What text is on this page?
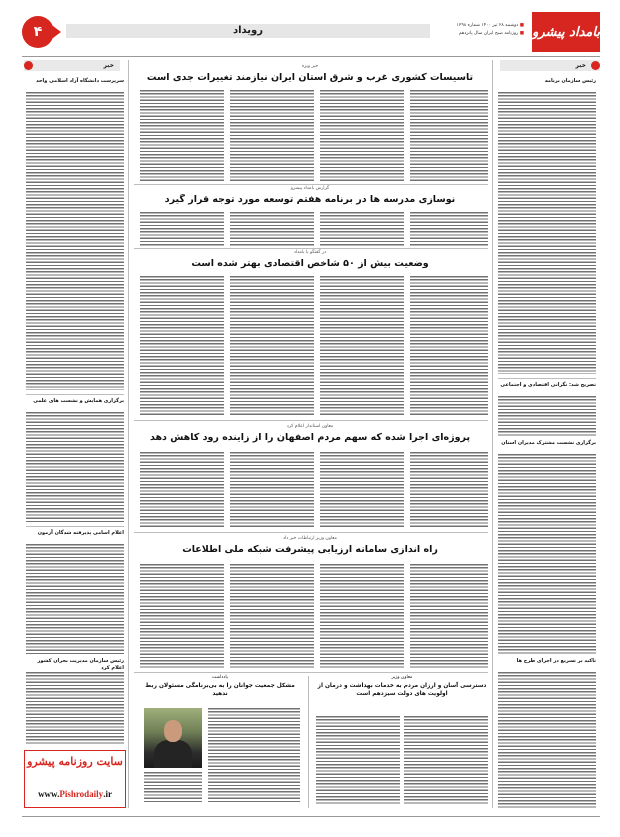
۴	رویداد
■	دوشنبه ۲۸ تیر ۱۴۰۰ شماره ۱۲۹۸
■ روزنامه صبح ایران سال پانزدهم	بامداد پیشرو
خبر	خبر
سرپرست دانشگاه آزاد اسلامی واحد
برگزاری همایش و نشست های علمی
اعلام اسامی پذیرفته شدگان آزمون
رئیس سازمان مدیریت بحران کشور اعلام کرد
رئیس سازمان برنامه
تصریح شد: نگرانی اقتصادی و اجتماعی
برگزاری نشست مشترک مدیران استان
تاکید بر تسریع در اجرای طرح ها
خبر ویژه
تاسیسات کشوری غرب و شرق استان ایران نیازمند تغییرات جدی است
گزارش بامداد پیشرو
نوسازی مدرسه ها در برنامه هفتم توسعه مورد توجه قرار گیرد
در گفتگو با بامداد
وضعیت بیش از ۵۰ شاخص اقتصادی بهتر شده است
معاون استاندار اعلام کرد
پروژه‌ای اجرا شده که سهم مردم اصفهان را از زاینده رود کاهش دهد
معاون وزیر ارتباطات خبر داد
راه اندازی سامانه ارزیابی پیشرفت شبکه ملی اطلاعات
یادداشت
مشکل جمعیت جوانان را به بی‌برنامگی مسئولان ربط ندهید
معاون وزیر
دسترسی آسان و ارزان مردم به خدمات بهداشت و درمان از اولویت های دولت سیزدهم است
سایت روزنامه پیشرو
www.Pishrodaily.ir
